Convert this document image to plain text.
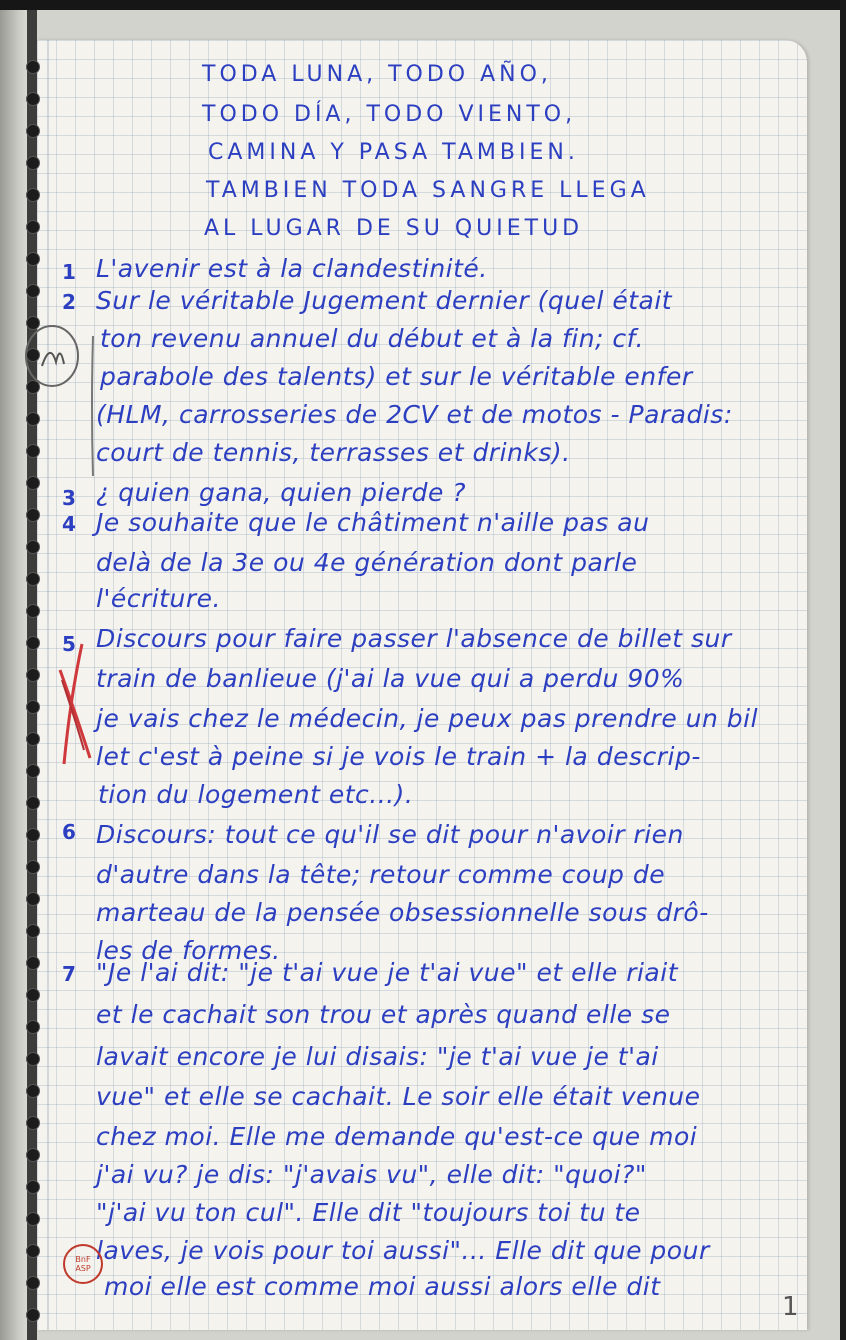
TODA LUNA, TODO AÑO,
TODO DÍA, TODO VIENTO,
CAMINA Y PASA TAMBIEN.
TAMBIEN TODA SANGRE LLEGA
AL LUGAR DE SU QUIETUD
1
2
3
4
5
6
7
L'avenir est à la clandestinité.
Sur le véritable Jugement dernier (quel était
ton revenu annuel du début et à la fin; cf.
parabole des talents) et sur le véritable enfer
(HLM, carrosseries de 2CV et de motos - Paradis:
court de tennis, terrasses et drinks).
¿ quien gana, quien pierde ?
Je souhaite que le châtiment n'aille pas au
delà de la 3e ou 4e génération dont parle
l'écriture.
Discours pour faire passer l'absence de billet sur
train de banlieue (j'ai la vue qui a perdu 90%
je vais chez le médecin, je peux pas prendre un bil
let c'est à peine si je vois le train + la descrip-
tion du logement etc...).
Discours: tout ce qu'il se dit pour n'avoir rien
d'autre dans la tête; retour comme coup de
marteau de la pensée obsessionnelle sous drô-
les de formes.
"Je l'ai dit: "je t'ai vue je t'ai vue" et elle riait
et le cachait son trou et après quand elle se
lavait encore je lui disais: "je t'ai vue je t'ai
vue" et elle se cachait. Le soir elle était venue
chez moi. Elle me demande qu'est-ce que moi
j'ai vu? je dis: "j'avais vu", elle dit: "quoi?"
"j'ai vu ton cul". Elle dit "toujours toi tu te
laves, je vois pour toi aussi"... Elle dit que pour
moi elle est comme moi aussi alors elle dit
BnF
ASP
1
